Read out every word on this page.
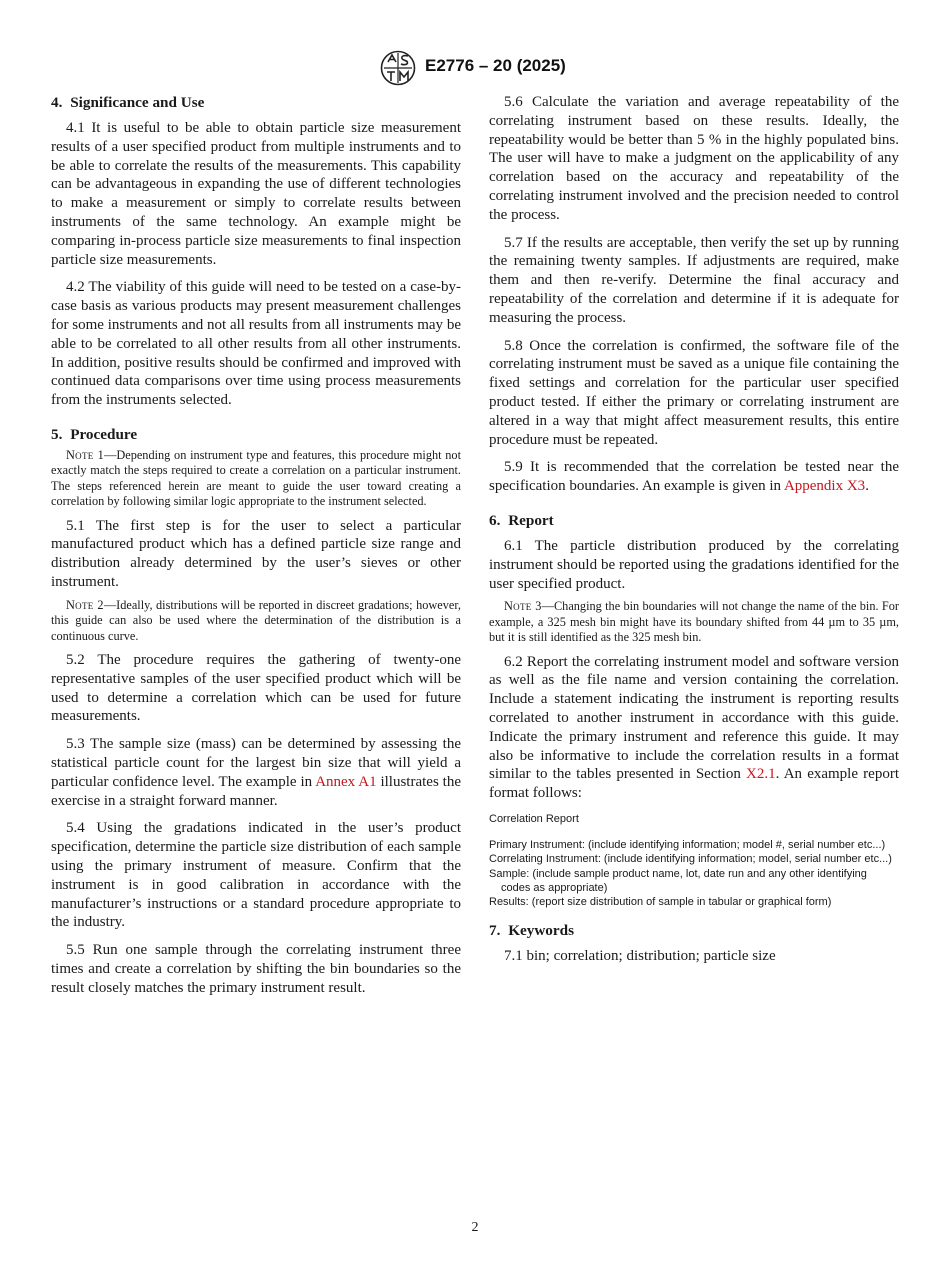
E2776 – 20 (2025)
4. Significance and Use

4.1 It is useful to be able to obtain particle size measurement results of a user specified product from multiple instruments and to be able to correlate the results of the measurements. This capability can be advantageous in expanding the use of different technologies to make a measurement or simply to correlate results between instruments of the same technology. An example might be comparing in-process particle size measurements to final inspection particle size measurements.

4.2 The viability of this guide will need to be tested on a case-by-case basis as various products may present measurement challenges for some instruments and not all results from all instruments may be able to be correlated to all other results from all other instruments. In addition, positive results should be confirmed and improved with continued data comparisons over time using process measurements from the instruments selected.

5. Procedure

Note 1—Depending on instrument type and features, this procedure might not exactly match the steps required to create a correlation on a particular instrument. The steps referenced herein are meant to guide the user toward creating a correlation by following similar logic appropriate to the instrument selected.

5.1 The first step is for the user to select a particular manufactured product which has a defined particle size range and distribution already determined by the user’s sieves or other instrument.

Note 2—Ideally, distributions will be reported in discreet gradations; however, this guide can also be used where the determination of the distribution is a continuous curve.

5.2 The procedure requires the gathering of twenty-one representative samples of the user specified product which will be used to determine a correlation which can be used for future measurements.

5.3 The sample size (mass) can be determined by assessing the statistical particle count for the largest bin size that will yield a particular confidence level. The example in Annex A1 illustrates the exercise in a straight forward manner.

5.4 Using the gradations indicated in the user’s product specification, determine the particle size distribution of each sample using the primary instrument of measure. Confirm that the instrument is in good calibration in accordance with the manufacturer’s instructions or a standard procedure appropriate to the industry.

5.5 Run one sample through the correlating instrument three times and create a correlation by shifting the bin boundaries so the result closely matches the primary instrument result.

5.6 Calculate the variation and average repeatability of the correlating instrument based on these results. Ideally, the repeatability would be better than 5 % in the highly populated bins. The user will have to make a judgment on the applicability of any correlation based on the accuracy and repeatability of the correlating instrument involved and the precision needed to control the process.

5.7 If the results are acceptable, then verify the set up by running the remaining twenty samples. If adjustments are required, make them and then re-verify. Determine the final accuracy and repeatability of the correlation and determine if it is adequate for measuring the process.

5.8 Once the correlation is confirmed, the software file of the correlating instrument must be saved as a unique file containing the fixed settings and correlation for the particular user specified product tested. If either the primary or correlating instrument are altered in a way that might affect measurement results, this entire procedure must be repeated.

5.9 It is recommended that the correlation be tested near the specification boundaries. An example is given in Appendix X3.

6. Report

6.1 The particle distribution produced by the correlating instrument should be reported using the gradations identified for the user specified product.

Note 3—Changing the bin boundaries will not change the name of the bin. For example, a 325 mesh bin might have its boundary shifted from 44 µm to 35 µm, but it is still identified as the 325 mesh bin.

6.2 Report the correlating instrument model and software version as well as the file name and version containing the correlation. Include a statement indicating the instrument is reporting results correlated to another instrument in accordance with this guide. Indicate the primary instrument and reference this guide. It may also be informative to include the correlation results in a format similar to the tables presented in Section X2.1. An example report format follows:

Correlation Report
Primary Instrument: (include identifying information; model #, serial number etc...)
Correlating Instrument: (include identifying information; model, serial number etc...)
Sample: (include sample product name, lot, date run and any other identifying codes as appropriate)
Results: (report size distribution of sample in tabular or graphical form)
7. Keywords

7.1 bin; correlation; distribution; particle size

2
